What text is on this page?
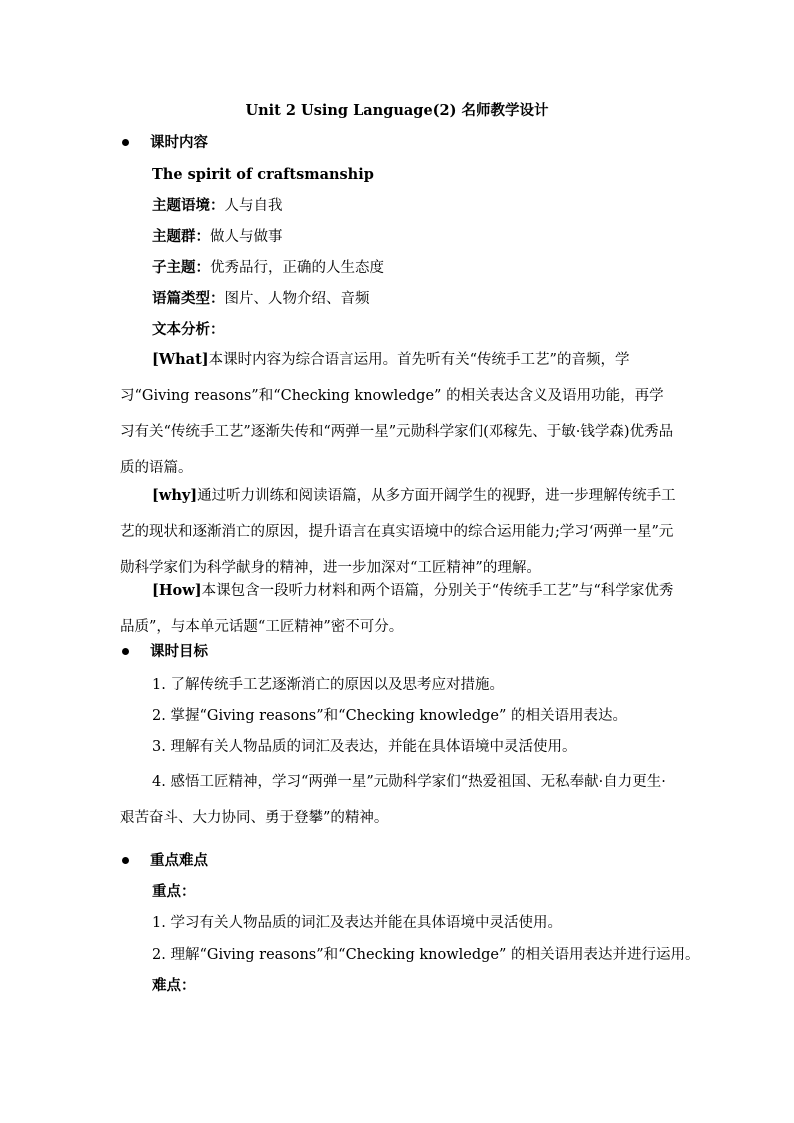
Unit 2 Using Language(2) 名师教学设计
课时内容
The spirit of craftsmanship
主题语境：人与自我
主题群：做人与做事
子主题：优秀品行，正确的人生态度
语篇类型：图片、人物介绍、音频
文本分析：
[What]本课时内容为综合语言运用。首先听有关“传统手工艺”的音频，学习“Giving reasons”和“Checking knowledge” 的相关表达含义及语用功能，再学习有关“传统手工艺”逐渐失传和“两弹一星”元勋科学家们(邓稼先、于敏·钱学森)优秀品质的语篇。
[why]通过听力训练和阅读语篇，从多方面开阔学生的视野，进一步理解传统手工艺的现状和逐渐消亡的原因，提升语言在真实语境中的综合运用能力;学习‘两弹一星”元勋科学家们为科学献身的精神，进一步加深对“工匠精神”的理解。
[How]本课包含一段听力材料和两个语篇，分别关于“传统手工艺”与“科学家优秀品质”，与本单元话题“工匠精神”密不可分。
课时目标
1. 了解传统手工艺逐渐消亡的原因以及思考应对措施。
2. 掌握“Giving reasons”和“Checking knowledge” 的相关语用表达。
3. 理解有关人物品质的词汇及表达，并能在具体语境中灵活使用。
4. 感悟工匠精神，学习“两弹一星”元勋科学家们“热爱祖国、无私奉献·自力更生·艰苦奋斗、大力协同、勇于登攀”的精神。
重点难点
重点：
1. 学习有关人物品质的词汇及表达并能在具体语境中灵活使用。
2. 理解“Giving reasons”和“Checking knowledge” 的相关语用表达并进行运用。
难点：
